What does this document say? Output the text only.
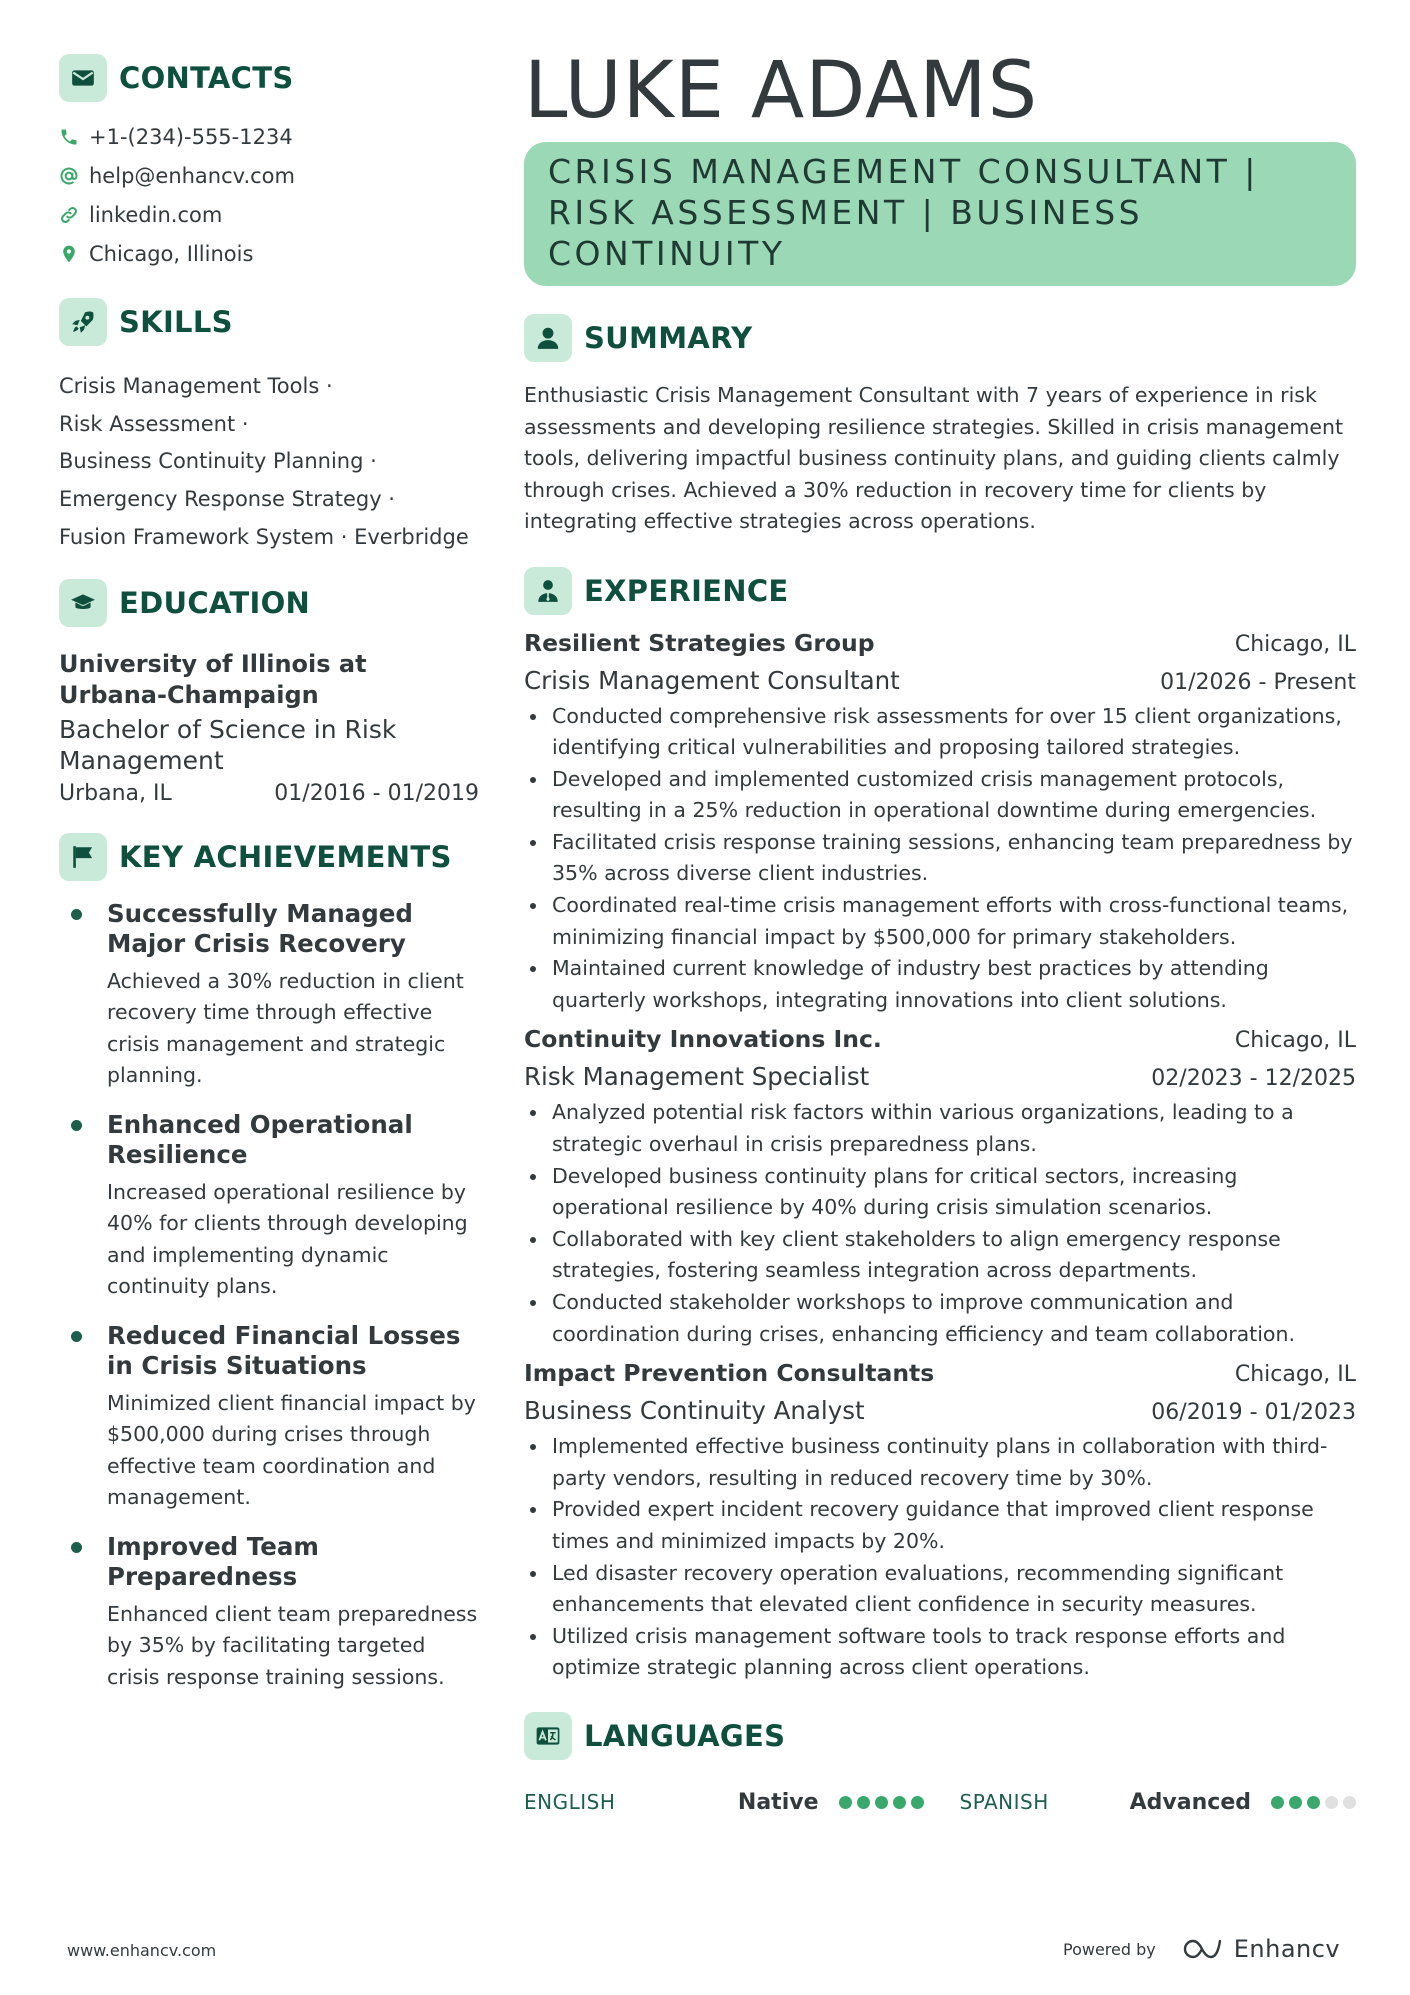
CONTACTS
+1-(234)-555-1234
help@enhancv.com
linkedin.com
Chicago, Illinois
SKILLS
Crisis Management Tools ·
Risk Assessment ·
Business Continuity Planning ·
Emergency Response Strategy ·
Fusion Framework System · Everbridge
EDUCATION
University of Illinois at Urbana-Champaign
Bachelor of Science in Risk Management
Urbana, IL	01/2016 - 01/2019
KEY ACHIEVEMENTS
Successfully Managed Major Crisis Recovery
Achieved a 30% reduction in client recovery time through effective crisis management and strategic planning.
Enhanced Operational Resilience
Increased operational resilience by 40% for clients through developing and implementing dynamic continuity plans.
Reduced Financial Losses in Crisis Situations
Minimized client financial impact by $500,000 during crises through effective team coordination and management.
Improved Team Preparedness
Enhanced client team preparedness by 35% by facilitating targeted crisis response training sessions.
LUKE ADAMS
CRISIS MANAGEMENT CONSULTANT | RISK ASSESSMENT | BUSINESS CONTINUITY
SUMMARY
Enthusiastic Crisis Management Consultant with 7 years of experience in risk assessments and developing resilience strategies. Skilled in crisis management tools, delivering impactful business continuity plans, and guiding clients calmly through crises. Achieved a 30% reduction in recovery time for clients by integrating effective strategies across operations.
EXPERIENCE
Resilient Strategies Group	Chicago, IL
Crisis Management Consultant	01/2026 - Present
Conducted comprehensive risk assessments for over 15 client organizations, identifying critical vulnerabilities and proposing tailored strategies.
Developed and implemented customized crisis management protocols, resulting in a 25% reduction in operational downtime during emergencies.
Facilitated crisis response training sessions, enhancing team preparedness by 35% across diverse client industries.
Coordinated real-time crisis management efforts with cross-functional teams, minimizing financial impact by $500,000 for primary stakeholders.
Maintained current knowledge of industry best practices by attending quarterly workshops, integrating innovations into client solutions.
Continuity Innovations Inc.	Chicago, IL
Risk Management Specialist	02/2023 - 12/2025
Analyzed potential risk factors within various organizations, leading to a strategic overhaul in crisis preparedness plans.
Developed business continuity plans for critical sectors, increasing operational resilience by 40% during crisis simulation scenarios.
Collaborated with key client stakeholders to align emergency response strategies, fostering seamless integration across departments.
Conducted stakeholder workshops to improve communication and coordination during crises, enhancing efficiency and team collaboration.
Impact Prevention Consultants	Chicago, IL
Business Continuity Analyst	06/2019 - 01/2023
Implemented effective business continuity plans in collaboration with third-party vendors, resulting in reduced recovery time by 30%.
Provided expert incident recovery guidance that improved client response times and minimized impacts by 20%.
Led disaster recovery operation evaluations, recommending significant enhancements that elevated client confidence in security measures.
Utilized crisis management software tools to track response efforts and optimize strategic planning across client operations.
LANGUAGES
ENGLISH	Native	SPANISH	Advanced
www.enhancv.com	Powered by	Enhancv
